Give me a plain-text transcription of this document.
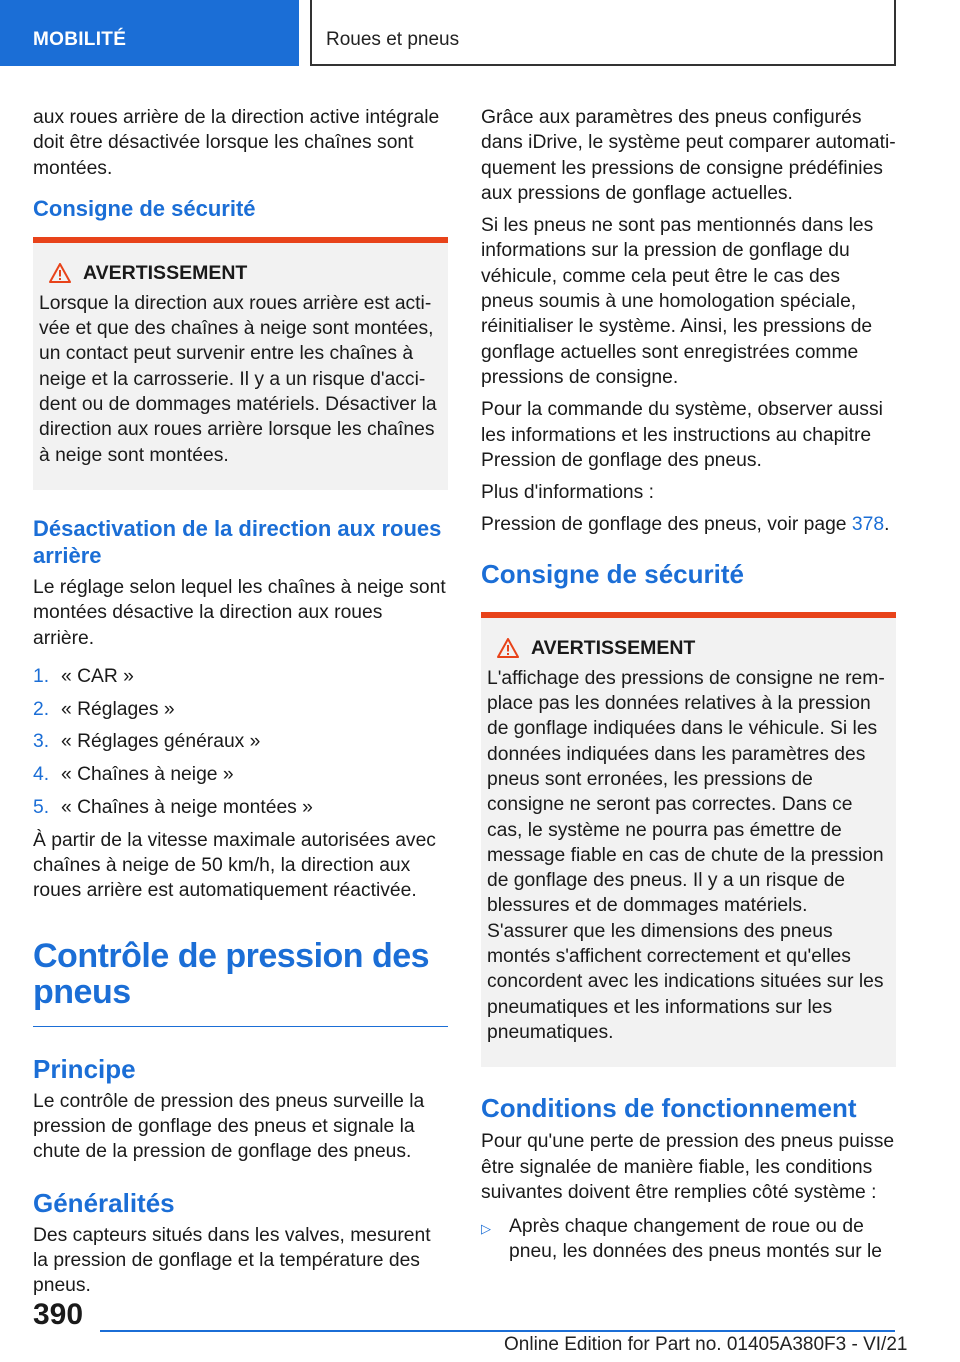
MOBILITÉ	Roues et pneus

aux roues arrière de la direction active intégrale doit être désactivée lorsque les chaînes sont montées.

Consigne de sécurité
AVERTISSEMENT

Lorsque la direction aux roues arrière est activée et que des chaînes à neige sont montées, un contact peut survenir entre les chaînes à neige et la carrosserie. Il y a un risque d'accident ou de dommages matériels. Désactiver la direction aux roues arrière lorsque les chaînes à neige sont montées.

Désactivation de la direction aux roues arrière

Le réglage selon lequel les chaînes à neige sont montées désactive la direction aux roues arrière.

1. « CAR »
2. « Réglages »
3. « Réglages généraux »
4. « Chaînes à neige »
5. « Chaînes à neige montées »

À partir de la vitesse maximale autorisées avec chaînes à neige de 50 km/h, la direction aux roues arrière est automatiquement réactivée.

Contrôle de pression des pneus
Principe

Le contrôle de pression des pneus surveille la pression de gonflage des pneus et signale la chute de la pression de gonflage des pneus.

Généralités

Des capteurs situés dans les valves, mesurent la pression de gonflage et la température des pneus.

Grâce aux paramètres des pneus configurés dans iDrive, le système peut comparer automatiquement les pressions de consigne prédéfinies aux pressions de gonflage actuelles.

Si les pneus ne sont pas mentionnés dans les informations sur la pression de gonflage du véhicule, comme cela peut être le cas des pneus soumis à une homologation spéciale, réinitialiser le système. Ainsi, les pressions de gonflage actuelles sont enregistrées comme pressions de consigne.

Pour la commande du système, observer aussi les informations et les instructions au chapitre Pression de gonflage des pneus.

Plus d'informations :

Pression de gonflage des pneus, voir page 378.

Consigne de sécurité
AVERTISSEMENT

L'affichage des pressions de consigne ne remplace pas les données relatives à la pression de gonflage indiquées dans le véhicule. Si les données indiquées dans les paramètres des pneus sont erronées, les pressions de consigne ne seront pas correctes. Dans ce cas, le système ne pourra pas émettre de message fiable en cas de chute de la pression de gonflage des pneus. Il y a un risque de blessures et de dommages matériels. S'assurer que les dimensions des pneus montés s'affichent correctement et qu'elles concordent avec les indications situées sur les pneumatiques et les informations sur les pneumatiques.

Conditions de fonctionnement

Pour qu'une perte de pression des pneus puisse être signalée de manière fiable, les conditions suivantes doivent être remplies côté système :

▷ Après chaque changement de roue ou de pneu, les données des pneus montés sur le
390
Online Edition for Part no. 01405A380F3 - VI/21
